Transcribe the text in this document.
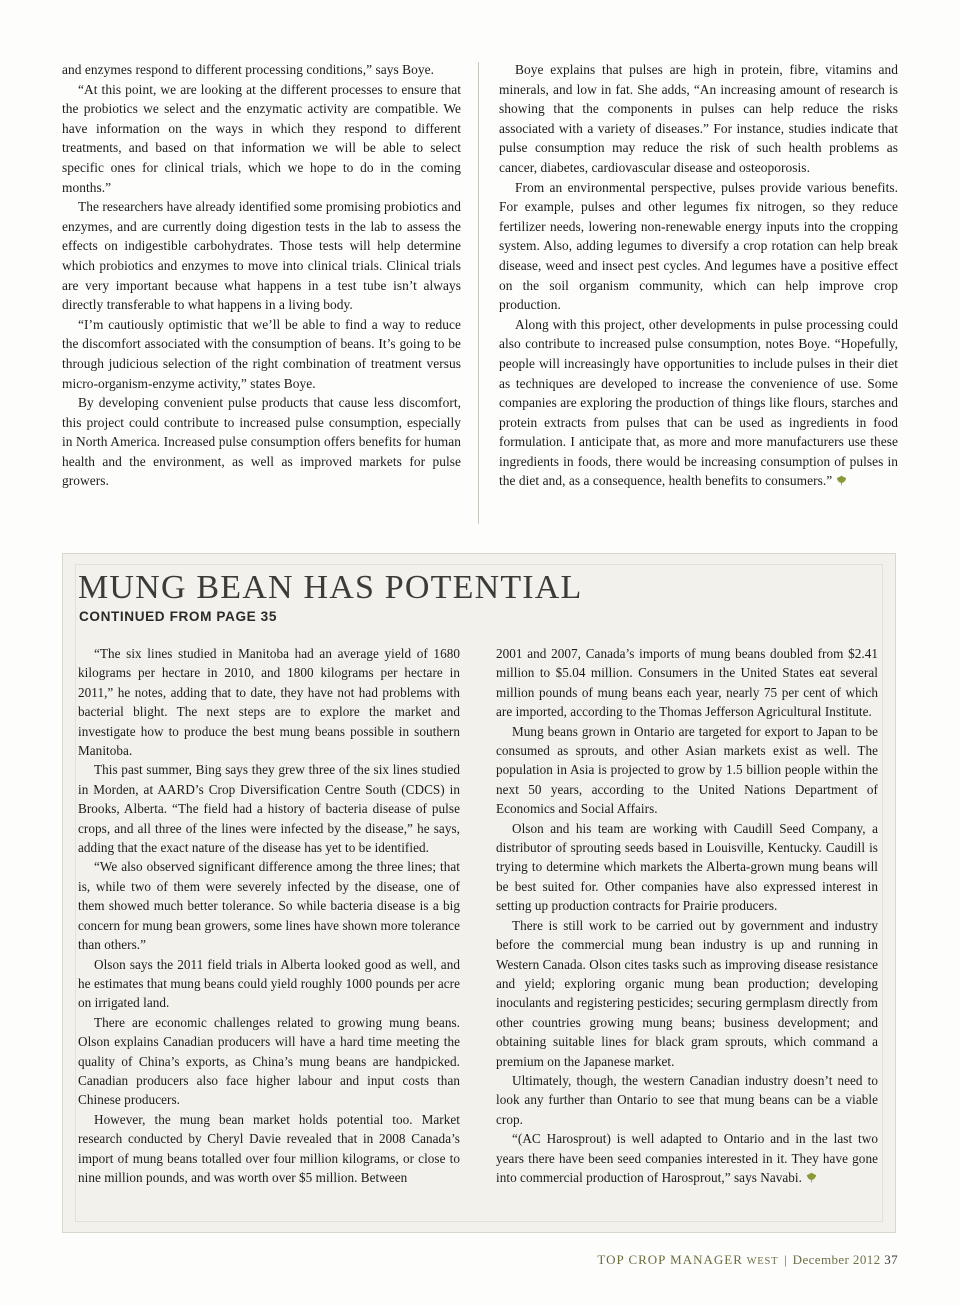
and enzymes respond to different processing conditions,” says Boye.

“At this point, we are looking at the different processes to ensure that the probiotics we select and the enzymatic activity are compatible. We have information on the ways in which they respond to different treatments, and based on that information we will be able to select specific ones for clinical trials, which we hope to do in the coming months.”

The researchers have already identified some promising probiotics and enzymes, and are currently doing digestion tests in the lab to assess the effects on indigestible carbohydrates. Those tests will help determine which probiotics and enzymes to move into clinical trials. Clinical trials are very important because what happens in a test tube isn’t always directly transferable to what happens in a living body.

“I’m cautiously optimistic that we’ll be able to find a way to reduce the discomfort associated with the consumption of beans. It’s going to be through judicious selection of the right combination of treatment versus micro-organism-enzyme activity,” states Boye.

By developing convenient pulse products that cause less discomfort, this project could contribute to increased pulse consumption, especially in North America. Increased pulse consumption offers benefits for human health and the environment, as well as improved markets for pulse growers.

Boye explains that pulses are high in protein, fibre, vitamins and minerals, and low in fat. She adds, “An increasing amount of research is showing that the components in pulses can help reduce the risks associated with a variety of diseases.” For instance, studies indicate that pulse consumption may reduce the risk of such health problems as cancer, diabetes, cardiovascular disease and osteoporosis.

From an environmental perspective, pulses provide various benefits. For example, pulses and other legumes fix nitrogen, so they reduce fertilizer needs, lowering non-renewable energy inputs into the cropping system. Also, adding legumes to diversify a crop rotation can help break disease, weed and insect pest cycles. And legumes have a positive effect on the soil organism community, which can help improve crop production.

Along with this project, other developments in pulse processing could also contribute to increased pulse consumption, notes Boye. “Hopefully, people will increasingly have opportunities to include pulses in their diet as techniques are developed to increase the convenience of use. Some companies are exploring the production of things like flours, starches and protein extracts from pulses that can be used as ingredients in food formulation. I anticipate that, as more and more manufacturers use these ingredients in foods, there would be increasing consumption of pulses in the diet and, as a consequence, health benefits to consumers.”

MUNG BEAN HAS POTENTIAL
CONTINUED FROM PAGE 35

“The six lines studied in Manitoba had an average yield of 1680 kilograms per hectare in 2010, and 1800 kilograms per hectare in 2011,” he notes, adding that to date, they have not had problems with bacterial blight. The next steps are to explore the market and investigate how to produce the best mung beans possible in southern Manitoba.

This past summer, Bing says they grew three of the six lines studied in Morden, at AARD’s Crop Diversification Centre South (CDCS) in Brooks, Alberta. “The field had a history of bacteria disease of pulse crops, and all three of the lines were infected by the disease,” he says, adding that the exact nature of the disease has yet to be identified.

“We also observed significant difference among the three lines; that is, while two of them were severely infected by the disease, one of them showed much better tolerance. So while bacteria disease is a big concern for mung bean growers, some lines have shown more tolerance than others.”

Olson says the 2011 field trials in Alberta looked good as well, and he estimates that mung beans could yield roughly 1000 pounds per acre on irrigated land.

There are economic challenges related to growing mung beans. Olson explains Canadian producers will have a hard time meeting the quality of China’s exports, as China’s mung beans are handpicked. Canadian producers also face higher labour and input costs than Chinese producers.

However, the mung bean market holds potential too. Market research conducted by Cheryl Davie revealed that in 2008 Canada’s import of mung beans totalled over four million kilograms, or close to nine million pounds, and was worth over $5 million. Between

2001 and 2007, Canada’s imports of mung beans doubled from $2.41 million to $5.04 million. Consumers in the United States eat several million pounds of mung beans each year, nearly 75 per cent of which are imported, according to the Thomas Jefferson Agricultural Institute.

Mung beans grown in Ontario are targeted for export to Japan to be consumed as sprouts, and other Asian markets exist as well. The population in Asia is projected to grow by 1.5 billion people within the next 50 years, according to the United Nations Department of Economics and Social Affairs.

Olson and his team are working with Caudill Seed Company, a distributor of sprouting seeds based in Louisville, Kentucky. Caudill is trying to determine which markets the Alberta-grown mung beans will be best suited for. Other companies have also expressed interest in setting up production contracts for Prairie producers.

There is still work to be carried out by government and industry before the commercial mung bean industry is up and running in Western Canada. Olson cites tasks such as improving disease resistance and yield; exploring organic mung bean production; developing inoculants and registering pesticides; securing germplasm directly from other countries growing mung beans; business development; and obtaining suitable lines for black gram sprouts, which command a premium on the Japanese market.

Ultimately, though, the western Canadian industry doesn’t need to look any further than Ontario to see that mung beans can be a viable crop.

“(AC Harosprout) is well adapted to Ontario and in the last two years there have been seed companies interested in it. They have gone into commercial production of Harosprout,” says Navabi.

TOP CROP MANAGER WEST | December 2012 37
